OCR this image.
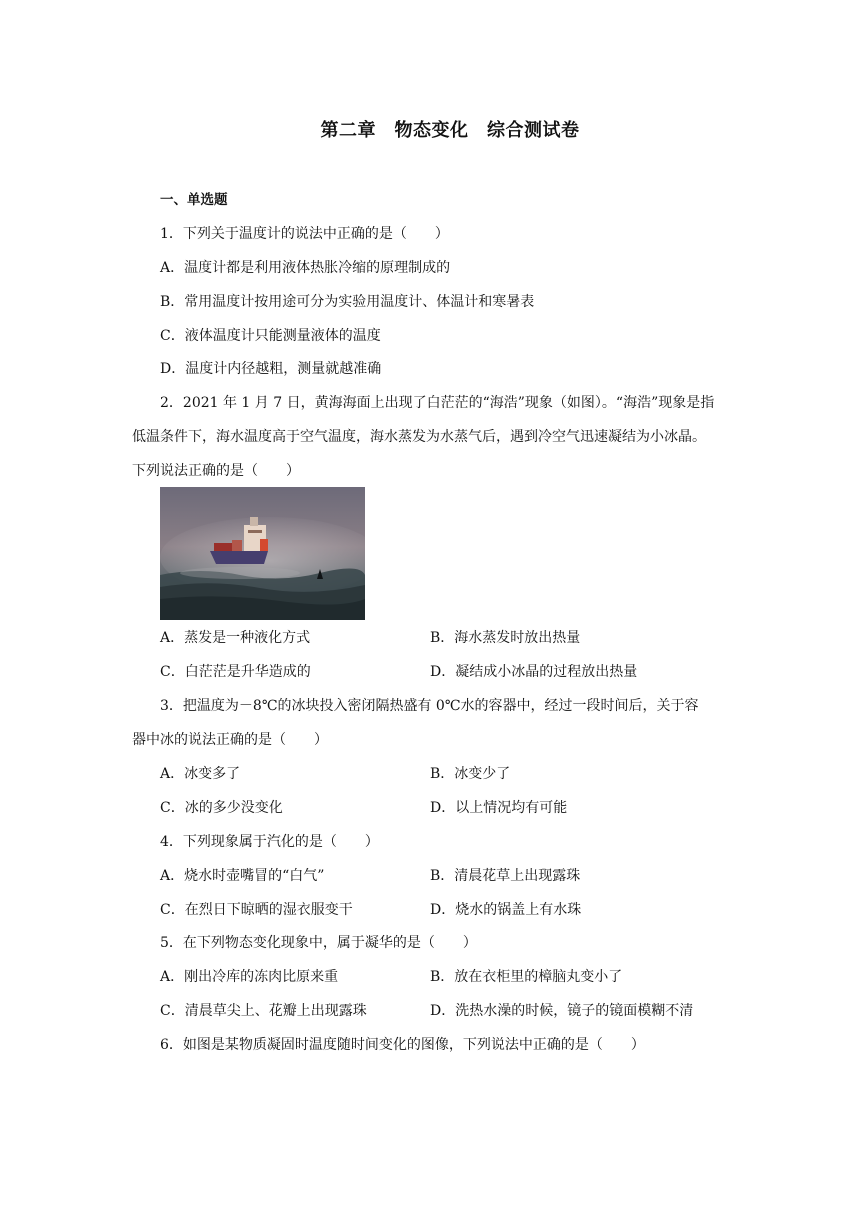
第二章　物态变化　综合测试卷
一、单选题
1．下列关于温度计的说法中正确的是（　　）
A．温度计都是利用液体热胀冷缩的原理制成的
B．常用温度计按用途可分为实验用温度计、体温计和寒暑表
C．液体温度计只能测量液体的温度
D．温度计内径越粗，测量就越准确
2．2021 年 1 月 7 日，黄海海面上出现了白茫茫的“海浩”现象（如图）。“海浩”现象是指
低温条件下，海水温度高于空气温度，海水蒸发为水蒸气后，遇到冷空气迅速凝结为小冰晶。
下列说法正确的是（　　）
A．蒸发是一种液化方式	B．海水蒸发时放出热量
C．白茫茫是升华造成的	D．凝结成小冰晶的过程放出热量
3．把温度为－8℃的冰块投入密闭隔热盛有 0℃水的容器中，经过一段时间后，关于容
器中冰的说法正确的是（　　）
A．冰变多了	B．冰变少了
C．冰的多少没变化	D．以上情况均有可能
4．下列现象属于汽化的是（　　）
A．烧水时壶嘴冒的“白气”	B．清晨花草上出现露珠
C．在烈日下晾晒的湿衣服变干	D．烧水的锅盖上有水珠
5．在下列物态变化现象中，属于凝华的是（　　）
A．刚出冷库的冻肉比原来重	B．放在衣柜里的樟脑丸变小了
C．清晨草尖上、花瓣上出现露珠	D．洗热水澡的时候，镜子的镜面模糊不清
6．如图是某物质凝固时温度随时间变化的图像，下列说法中正确的是（　　）
